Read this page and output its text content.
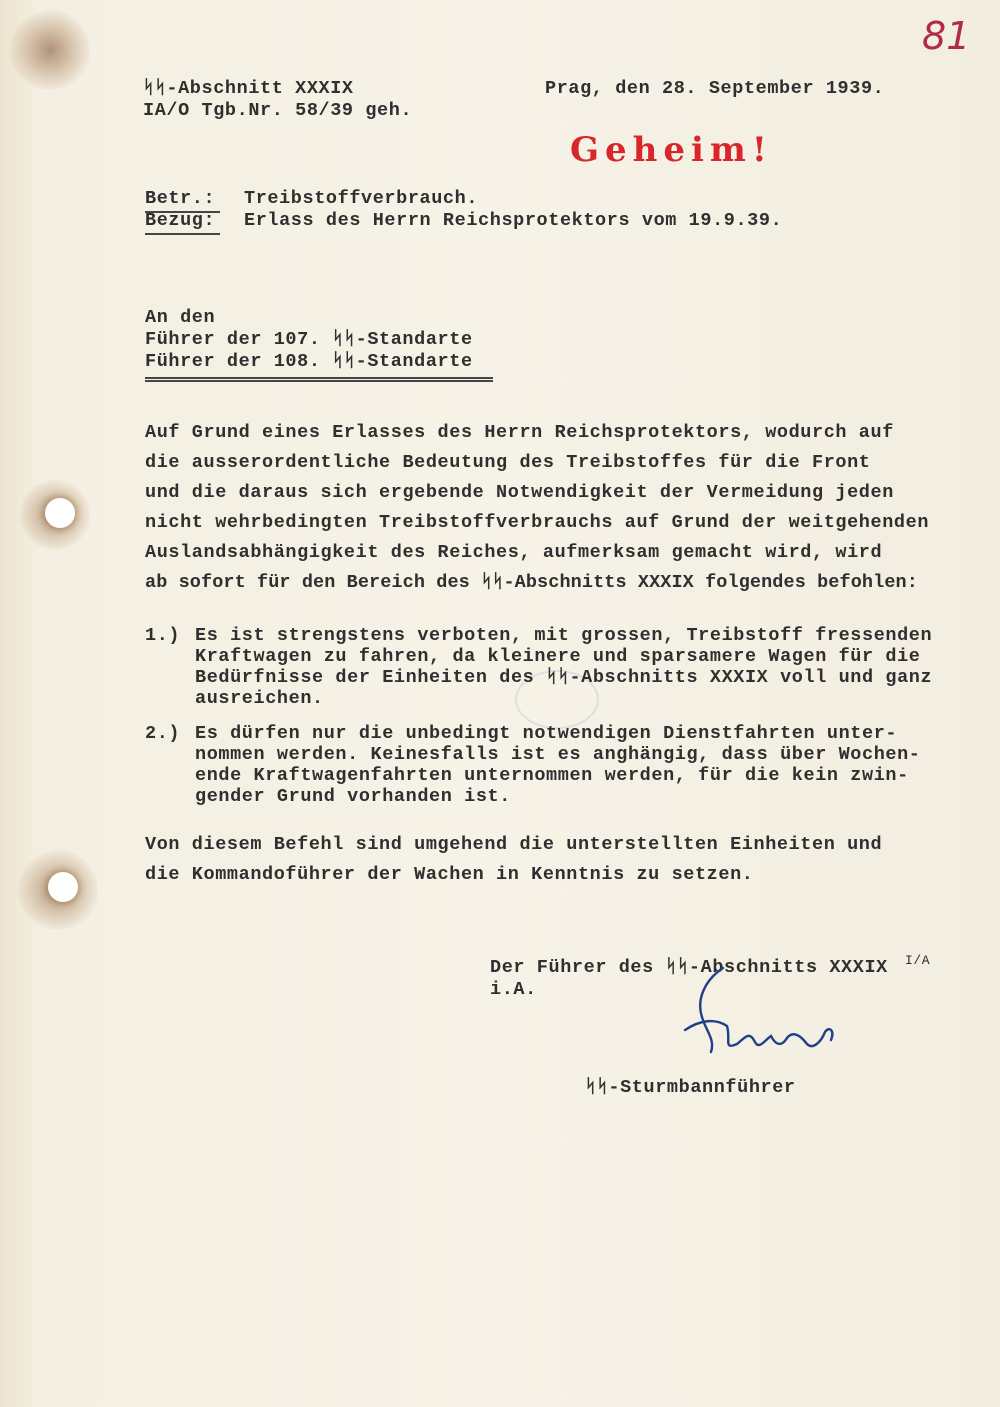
81
ᛋᛋ-Abschnitt XXXIX
IA/O Tgb.Nr. 58/39 geh.
Prag, den 28. September 1939.
Geheim!
Betr.: Treibstoffverbrauch.
Bezug: Erlass des Herrn Reichsprotektors vom 19.9.39.
An den
Führer der 107. ᛋᛋ-Standarte
Führer der 108. ᛋᛋ-Standarte
Auf Grund eines Erlasses des Herrn Reichsprotektors, wodurch auf
die ausserordentliche Bedeutung des Treibstoffes für die Front
und die daraus sich ergebende Notwendigkeit der Vermeidung jeden
nicht wehrbedingten Treibstoffverbrauchs auf Grund der weitgehenden
Auslandsabhängigkeit des Reiches, aufmerksam gemacht wird, wird
ab sofort für den Bereich des ᛋᛋ-Abschnitts XXXIX folgendes befohlen:
1.) Es ist strengstens verboten, mit grossen, Treibstoff fressenden
Kraftwagen zu fahren, da kleinere und sparsamere Wagen für die
Bedürfnisse der Einheiten des ᛋᛋ-Abschnitts XXXIX voll und ganz
ausreichen.
2.) Es dürfen nur die unbedingt notwendigen Dienstfahrten unter-
nommen werden. Keinesfalls ist es anghängig, dass über Wochen-
ende Kraftwagenfahrten unternommen werden, für die kein zwin-
gender Grund vorhanden ist.
Von diesem Befehl sind umgehend die unterstellten Einheiten und
die Kommandoführer der Wachen in Kenntnis zu setzen.
Der Führer des ᛋᛋ-Abschnitts XXXIX I/A
i.A.
ᛋᛋ-Sturmbannführer
